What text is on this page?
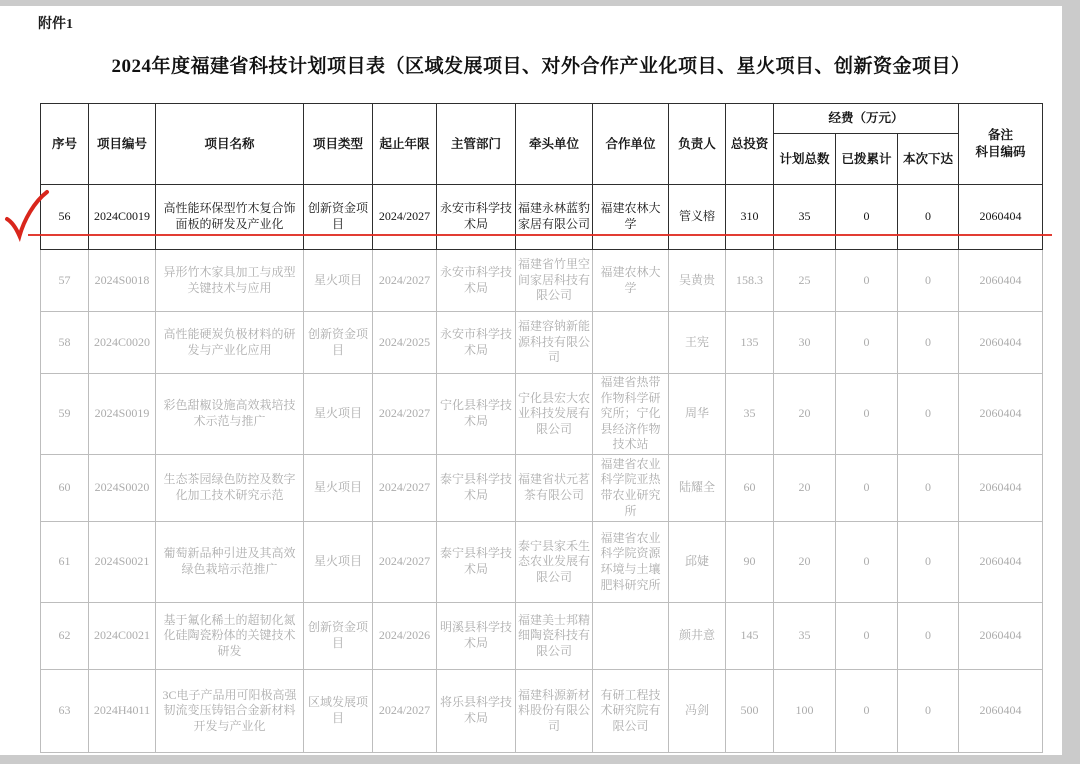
附件1
2024年度福建省科技计划项目表（区域发展项目、对外合作产业化项目、星火项目、创新资金项目）
序号	项目编号	项目名称	项目类型	起止年限	主管部门	牵头单位	合作单位	负责人	总投资	经费（万元）			备注
科目编码
										计划总数	已拨累计	本次下达	
56	2024C0019	高性能环保型竹木复合饰面板的研发及产业化	创新资金项目	2024/2027	永安市科学技术局	福建永林蓝豹家居有限公司	福建农林大学	管义榕	310	35	0	0	2060404
57	2024S0018	异形竹木家具加工与成型关键技术与应用	星火项目	2024/2027	永安市科学技术局	福建省竹里空间家居科技有限公司	福建农林大学	吴黄贵	158.3	25	0	0	2060404
58	2024C0020	高性能硬炭负极材料的研发与产业化应用	创新资金项目	2024/2025	永安市科学技术局	福建容钠新能源科技有限公司		王宪	135	30	0	0	2060404
59	2024S0019	彩色甜椒设施高效栽培技术示范与推广	星火项目	2024/2027	宁化县科学技术局	宁化县宏大农业科技发展有限公司	福建省热带作物科学研究所；宁化县经济作物技术站	周华	35	20	0	0	2060404
60	2024S0020	生态茶园绿色防控及数字化加工技术研究示范	星火项目	2024/2027	泰宁县科学技术局	福建省状元茗茶有限公司	福建省农业科学院亚热带农业研究所	陆耀全	60	20	0	0	2060404
61	2024S0021	葡萄新品种引进及其高效绿色栽培示范推广	星火项目	2024/2027	泰宁县科学技术局	泰宁县家禾生态农业发展有限公司	福建省农业科学院资源环境与土壤肥料研究所	邱婕	90	20	0	0	2060404
62	2024C0021	基于氟化稀土的超韧化氮化硅陶瓷粉体的关键技术研发	创新资金项目	2024/2026	明溪县科学技术局	福建美士邦精细陶瓷科技有限公司		颜井意	145	35	0	0	2060404
63	2024H4011	3C电子产品用可阳极高强韧流变压铸铝合金新材料开发与产业化	区域发展项目	2024/2027	将乐县科学技术局	福建科源新材料股份有限公司	有研工程技术研究院有限公司	冯剑	500	100	0	0	2060404
